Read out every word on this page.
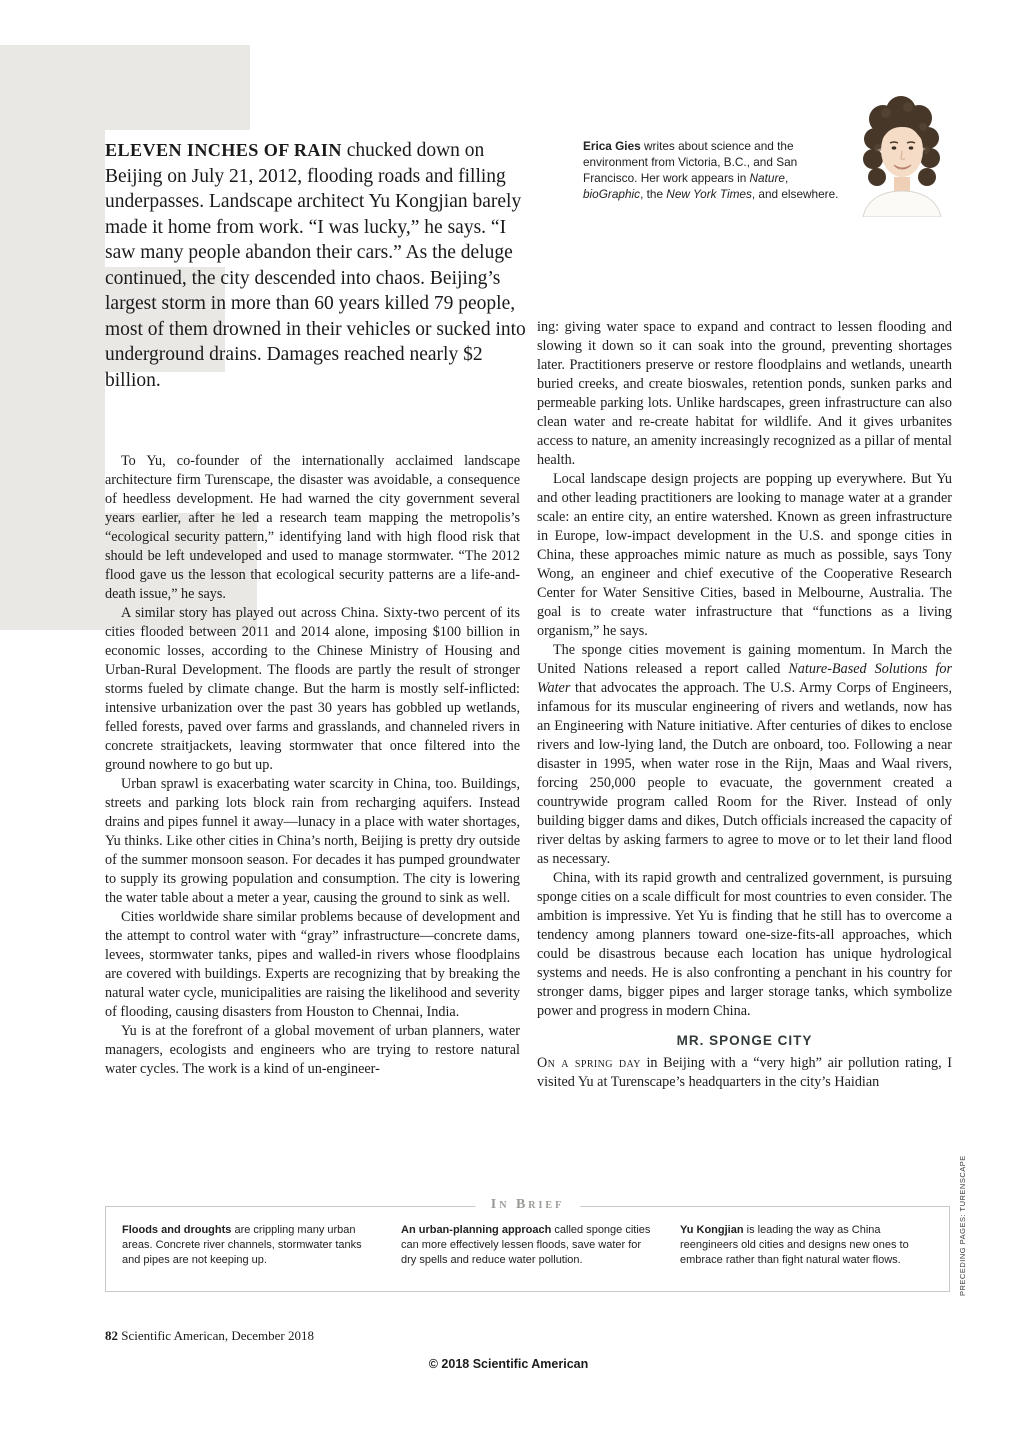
ELEVEN INCHES OF RAIN chucked down on Beijing on July 21, 2012, flooding roads and filling underpasses. Landscape architect Yu Kongjian barely made it home from work. “I was lucky,” he says. “I saw many people abandon their cars.” As the deluge continued, the city descended into chaos. Beijing’s largest storm in more than 60 years killed 79 people, most of them drowned in their vehicles or sucked into underground drains. Damages reached nearly $2 billion.

Erica Gies writes about science and the environment from Victoria, B.C., and San Francisco. Her work appears in Nature, bioGraphic, the New York Times, and elsewhere.

To Yu, co-founder of the internationally acclaimed landscape architecture firm Turenscape, the disaster was avoidable, a consequence of heedless development. He had warned the city government several years earlier, after he led a research team mapping the metropolis’s “ecological security pattern,” identifying land with high flood risk that should be left undeveloped and used to manage stormwater. “The 2012 flood gave us the lesson that ecological security patterns are a life-and-death issue,” he says.

A similar story has played out across China. Sixty-two percent of its cities flooded between 2011 and 2014 alone, imposing $100 billion in economic losses, according to the Chinese Ministry of Housing and Urban-Rural Development. The floods are partly the result of stronger storms fueled by climate change. But the harm is mostly self-inflicted: intensive urbanization over the past 30 years has gobbled up wetlands, felled forests, paved over farms and grasslands, and channeled rivers in concrete straitjackets, leaving stormwater that once filtered into the ground nowhere to go but up.

Urban sprawl is exacerbating water scarcity in China, too. Buildings, streets and parking lots block rain from recharging aquifers. Instead drains and pipes funnel it away—lunacy in a place with water shortages, Yu thinks. Like other cities in China’s north, Beijing is pretty dry outside of the summer monsoon season. For decades it has pumped groundwater to supply its growing population and consumption. The city is lowering the water table about a meter a year, causing the ground to sink as well.

Cities worldwide share similar problems because of development and the attempt to control water with “gray” infrastructure—concrete dams, levees, stormwater tanks, pipes and walled-in rivers whose floodplains are covered with buildings. Experts are recognizing that by breaking the natural water cycle, municipalities are raising the likelihood and severity of flooding, causing disasters from Houston to Chennai, India.

Yu is at the forefront of a global movement of urban planners, water managers, ecologists and engineers who are trying to restore natural water cycles. The work is a kind of un-engineer-

ing: giving water space to expand and contract to lessen flooding and slowing it down so it can soak into the ground, preventing shortages later. Practitioners preserve or restore floodplains and wetlands, unearth buried creeks, and create bioswales, retention ponds, sunken parks and permeable parking lots. Unlike hardscapes, green infrastructure can also clean water and re-create habitat for wildlife. And it gives urbanites access to nature, an amenity increasingly recognized as a pillar of mental health.

Local landscape design projects are popping up everywhere. But Yu and other leading practitioners are looking to manage water at a grander scale: an entire city, an entire watershed. Known as green infrastructure in Europe, low-impact development in the U.S. and sponge cities in China, these approaches mimic nature as much as possible, says Tony Wong, an engineer and chief executive of the Cooperative Research Center for Water Sensitive Cities, based in Melbourne, Australia. The goal is to create water infrastructure that “functions as a living organism,” he says.

The sponge cities movement is gaining momentum. In March the United Nations released a report called Nature-Based Solutions for Water that advocates the approach. The U.S. Army Corps of Engineers, infamous for its muscular engineering of rivers and wetlands, now has an Engineering with Nature initiative. After centuries of dikes to enclose rivers and low-lying land, the Dutch are onboard, too. Following a near disaster in 1995, when water rose in the Rijn, Maas and Waal rivers, forcing 250,000 people to evacuate, the government created a countrywide program called Room for the River. Instead of only building bigger dams and dikes, Dutch officials increased the capacity of river deltas by asking farmers to agree to move or to let their land flood as necessary.

China, with its rapid growth and centralized government, is pursuing sponge cities on a scale difficult for most countries to even consider. The ambition is impressive. Yet Yu is finding that he still has to overcome a tendency among planners toward one-size-fits-all approaches, which could be disastrous because each location has unique hydrological systems and needs. He is also confronting a penchant in his country for stronger dams, bigger pipes and larger storage tanks, which symbolize power and progress in modern China.

MR. SPONGE CITY

On a spring day in Beijing with a “very high” air pollution rating, I visited Yu at Turenscape’s headquarters in the city’s Haidian

In Brief
Floods and droughts are crippling many urban areas. Concrete river channels, stormwater tanks and pipes are not keeping up.
An urban-planning approach called sponge cities can more effectively lessen floods, save water for dry spells and reduce water pollution.
Yu Kongjian is leading the way as China reengineers old cities and designs new ones to embrace rather than fight natural water flows.	PRECEDING PAGES: TURENSCAPE
82 Scientific American, December 2018
© 2018 Scientific American
